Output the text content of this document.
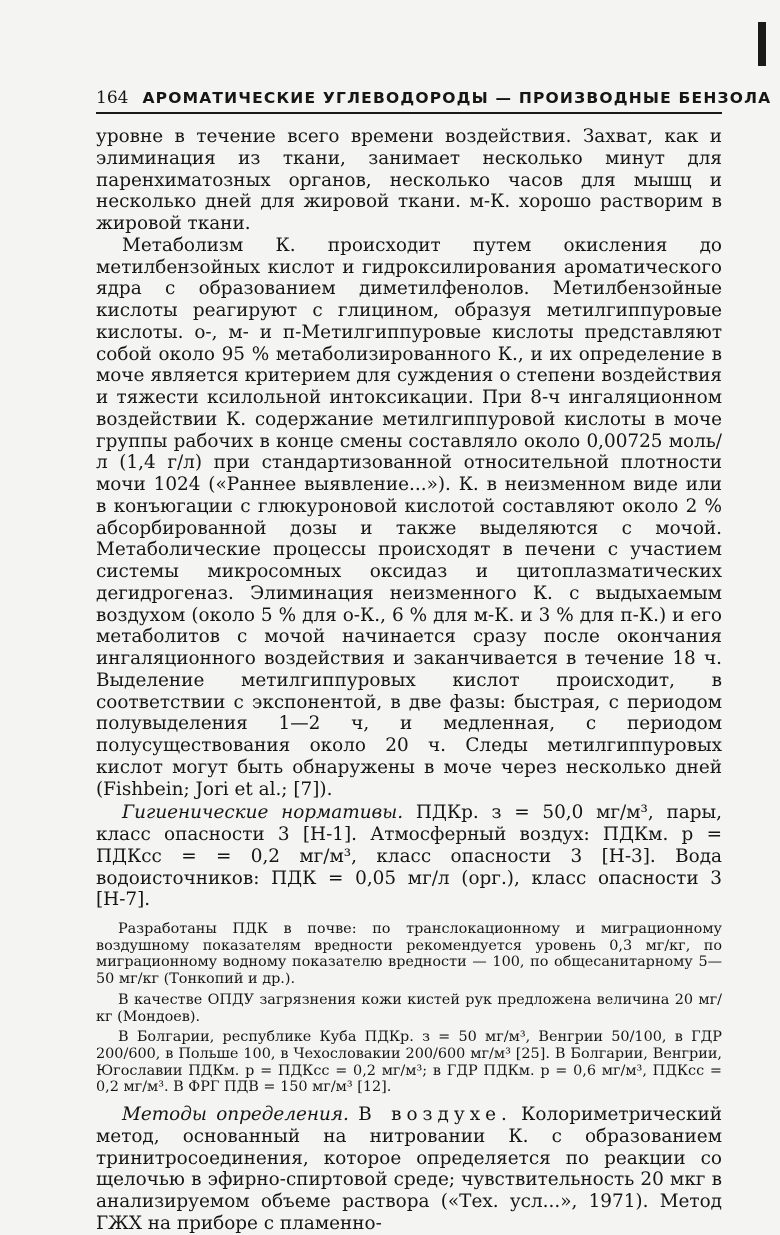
164 АРОМАТИЧЕСКИЕ УГЛЕВОДОРОДЫ — ПРОИЗВОДНЫЕ БЕНЗОЛА

уровне в течение всего времени воздействия. Захват, как и элиминация из ткани, занимает несколько минут для паренхиматозных органов, несколько часов для мышц и несколько дней для жировой ткани. м-К. хорошо растворим в жировой ткани.

Метаболизм К. происходит путем окисления до метилбензойных кислот и гидроксилирования ароматического ядра с образованием диметилфенолов. Метилбензойные кислоты реагируют с глицином, образуя метилгиппуровые кислоты. о-, м- и п-Метилгиппуровые кислоты представляют собой около 95 % метаболизированного К., и их определение в моче является критерием для суждения о степени воздействия и тяжести ксилольной интоксикации. При 8-ч ингаляционном воздействии К. содержание метилгиппуровой кислоты в моче группы рабочих в конце смены составляло около 0,00725 моль/л (1,4 г/л) при стандартизованной относительной плотности мочи 1024 («Раннее выявление...»). К. в неизменном виде или в конъюгации с глюкуроновой кислотой составляют около 2 % абсорбированной дозы и также выделяются с мочой. Метаболические процессы происходят в печени с участием системы микросомных оксидаз и цитоплазматических дегидрогеназ. Элиминация неизменного К. с выдыхаемым воздухом (около 5 % для о-К., 6 % для м-К. и 3 % для п-К.) и его метаболитов с мочой начинается сразу после окончания ингаляционного воздействия и заканчивается в течение 18 ч. Выделение метилгиппуровых кислот происходит, в соответствии с экспонентой, в две фазы: быстрая, с периодом полувыделения 1—2 ч, и медленная, с периодом полусуществования около 20 ч. Следы метилгиппуровых кислот могут быть обнаружены в моче через несколько дней (Fishbein; Jori et al.; [7]).

Гигиенические нормативы. ПДКр. з = 50,0 мг/м³, пары, класс опасности 3 [Н-1]. Атмосферный воздух: ПДКм. р = ПДКсс = = 0,2 мг/м³, класс опасности 3 [Н-3]. Вода водоисточников: ПДК = 0,05 мг/л (орг.), класс опасности 3 [Н-7].

Разработаны ПДК в почве: по транслокационному и миграционному воздушному показателям вредности рекомендуется уровень 0,3 мг/кг, по миграционному водному показателю вредности — 100, по общесанитарному 5—50 мг/кг (Тонкопий и др.).

В качестве ОПДУ загрязнения кожи кистей рук предложена величина 20 мг/кг (Мондоев).

В Болгарии, республике Куба ПДКр. з = 50 мг/м³, Венгрии 50/100, в ГДР 200/600, в Польше 100, в Чехословакии 200/600 мг/м³ [25]. В Болгарии, Венгрии, Югославии ПДКм. р = ПДКсс = 0,2 мг/м³; в ГДР ПДКм. р = 0,6 мг/м³, ПДКсс = 0,2 мг/м³. В ФРГ ПДВ = 150 мг/м³ [12].

Методы определения. В воздухе. Колориметрический метод, основанный на нитровании К. с образованием тринитросоединения, которое определяется по реакции со щелочью в эфирно-спиртовой среде; чувствительность 20 мкг в анализируемом объеме раствора («Тех. усл...», 1971). Метод ГЖХ на приборе с пламенно-
